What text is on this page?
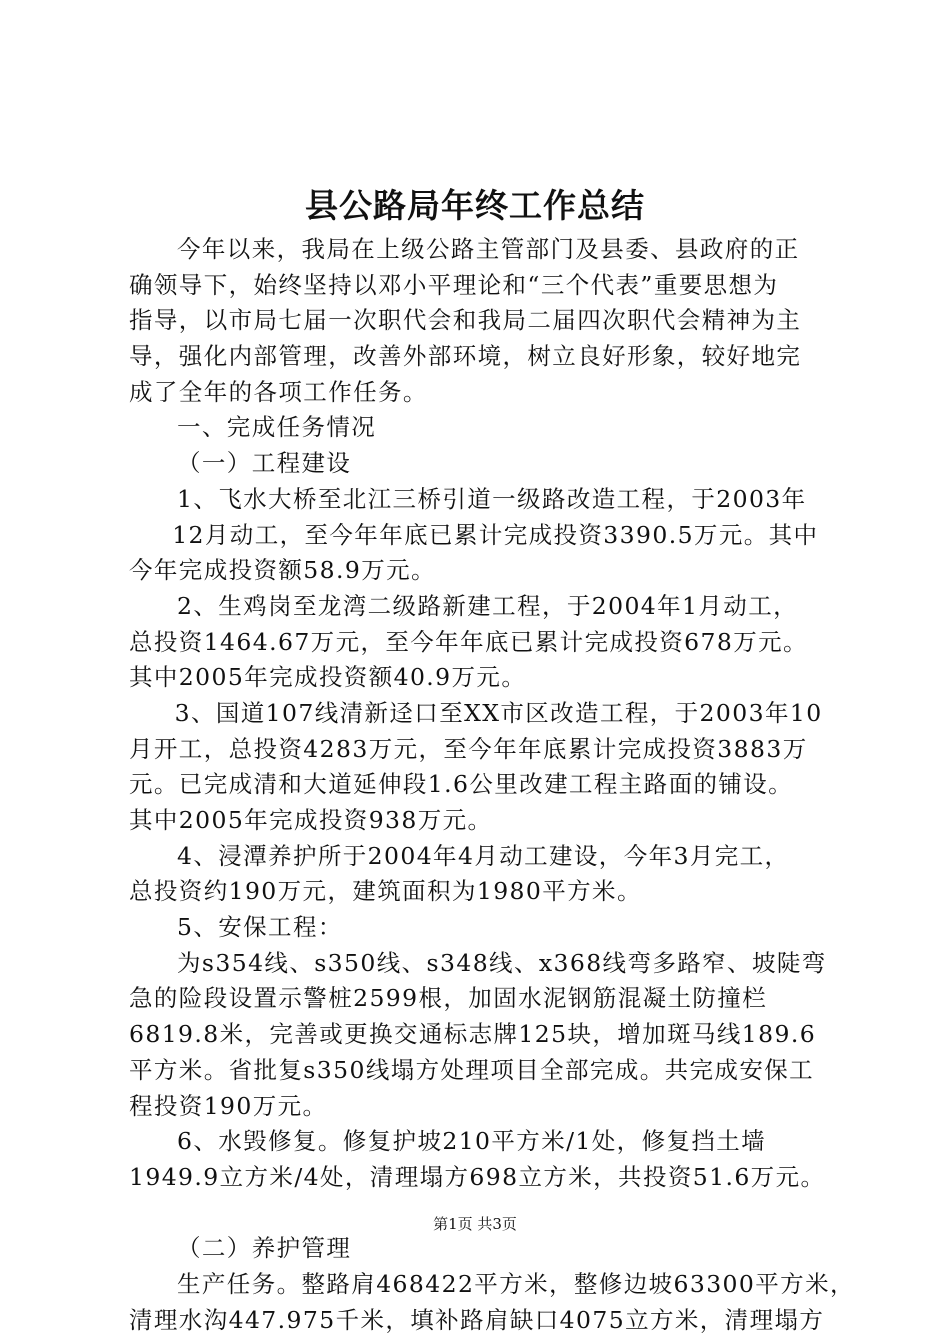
县公路局年终工作总结
今年以来，我局在上级公路主管部门及县委、县政府的正
确领导下，始终坚持以邓小平理论和“三个代表”重要思想为
指导，以市局七届一次职代会和我局二届四次职代会精神为主
导，强化内部管理，改善外部环境，树立良好形象，较好地完
成了全年的各项工作任务。
一、完成任务情况
（一）工程建设
1、飞水大桥至北江三桥引道一级路改造工程，于2003年
12月动工，至今年年底已累计完成投资3390.5万元。其中
今年完成投资额58.9万元。
2、生鸡岗至龙湾二级路新建工程，于2004年1月动工，
总投资1464.67万元，至今年年底已累计完成投资678万元。
其中2005年完成投资额40.9万元。
3、国道107线清新迳口至XX市区改造工程，于2003年10
月开工，总投资4283万元，至今年年底累计完成投资3883万
元。已完成清和大道延伸段1.6公里改建工程主路面的铺设。
其中2005年完成投资938万元。
4、浸潭养护所于2004年4月动工建设，今年3月完工，
总投资约190万元，建筑面积为1980平方米。
5、安保工程：
为s354线、s350线、s348线、x368线弯多路窄、坡陡弯
急的险段设置示警桩2599根，加固水泥钢筋混凝土防撞栏
6819.8米，完善或更换交通标志牌125块，增加斑马线189.6
平方米。省批复s350线塌方处理项目全部完成。共完成安保工
程投资190万元。
6、水毁修复。修复护坡210平方米/1处，修复挡土墙
1949.9立方米/4处，清理塌方698立方米，共投资51.6万元。
（二）养护管理
生产任务。整路肩468422平方米，整修边坡63300平方米，
清理水沟447.975千米，填补路肩缺口4075立方米，清理塌方
第1页 共3页
